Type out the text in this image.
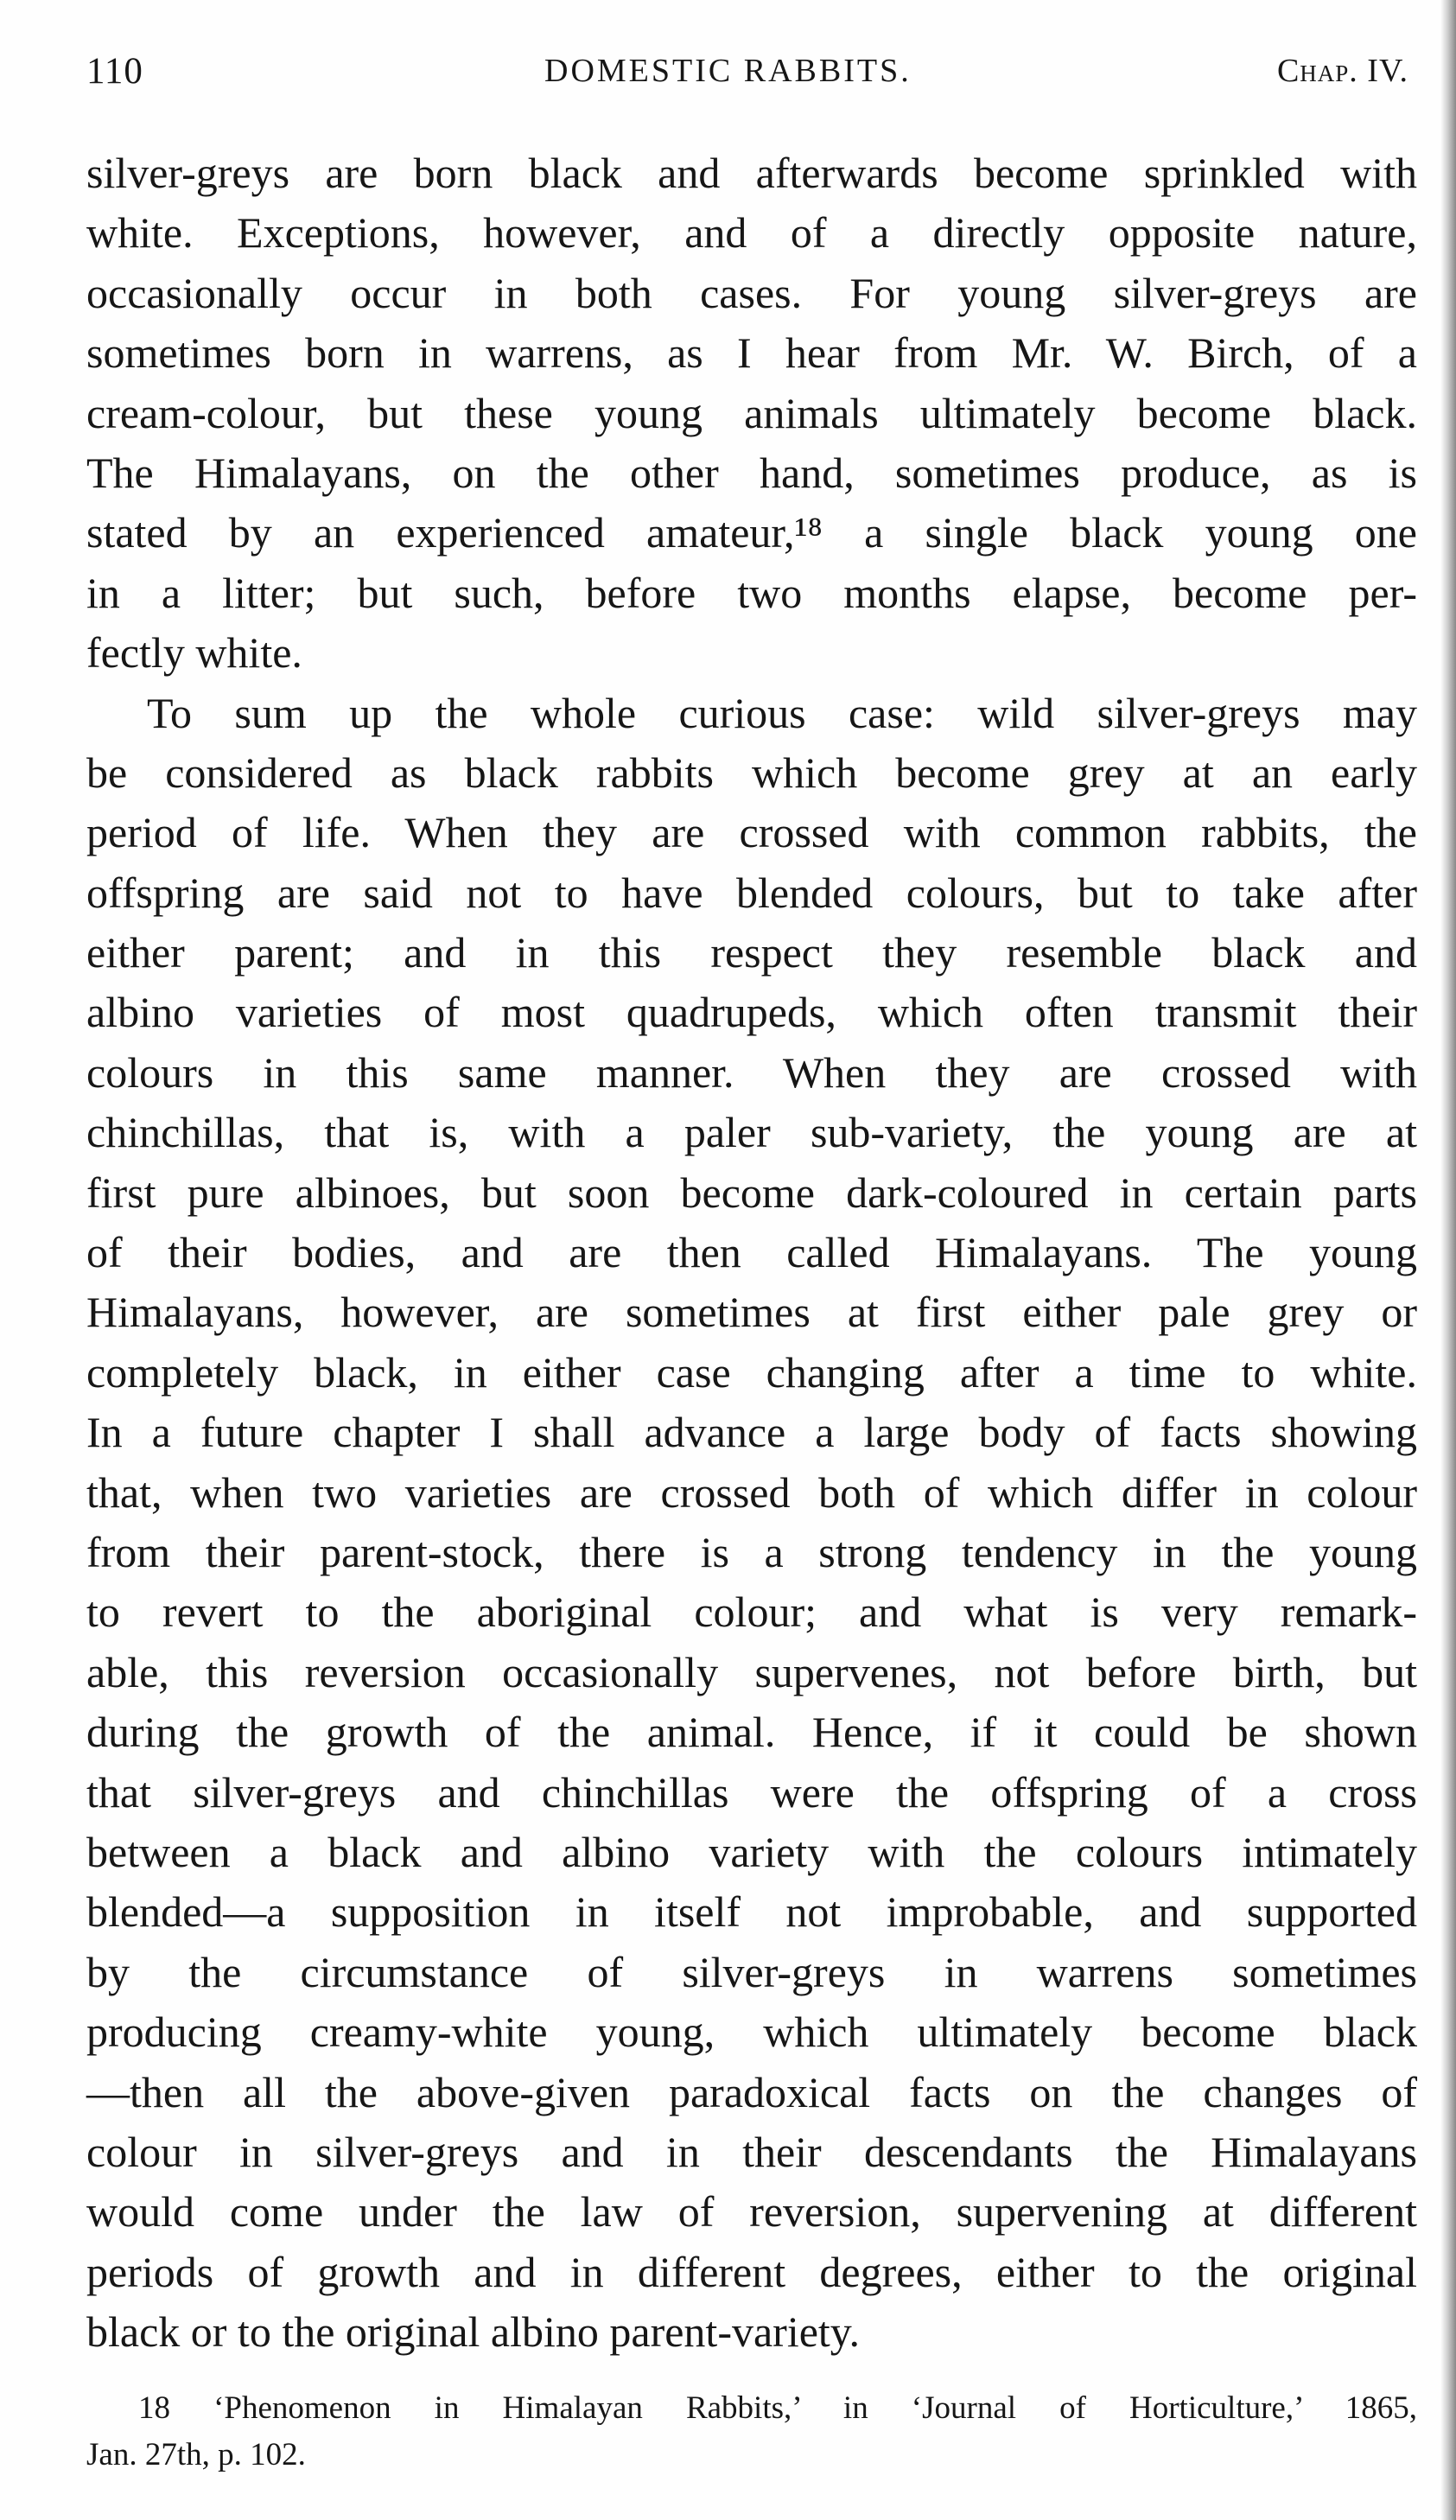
110	DOMESTIC RABBITS.	Chap. IV.
silver-greys are born black and afterwards become sprinkled with
white. Exceptions, however, and of a directly opposite nature,
occasionally occur in both cases. For young silver-greys are
sometimes born in warrens, as I hear from Mr. W. Birch, of a
cream-colour, but these young animals ultimately become black.
The Himalayans, on the other hand, sometimes produce, as is
stated by an experienced amateur,¹⁸ a single black young one
in a litter; but such, before two months elapse, become per-
fectly white.
To sum up the whole curious case: wild silver-greys may
be considered as black rabbits which become grey at an early
period of life. When they are crossed with common rabbits, the
offspring are said not to have blended colours, but to take after
either parent; and in this respect they resemble black and
albino varieties of most quadrupeds, which often transmit their
colours in this same manner. When they are crossed with
chinchillas, that is, with a paler sub-variety, the young are at
first pure albinoes, but soon become dark-coloured in certain parts
of their bodies, and are then called Himalayans. The young
Himalayans, however, are sometimes at first either pale grey or
completely black, in either case changing after a time to white.
In a future chapter I shall advance a large body of facts showing
that, when two varieties are crossed both of which differ in colour
from their parent-stock, there is a strong tendency in the young
to revert to the aboriginal colour; and what is very remark-
able, this reversion occasionally supervenes, not before birth, but
during the growth of the animal. Hence, if it could be shown
that silver-greys and chinchillas were the offspring of a cross
between a black and albino variety with the colours intimately
blended—a supposition in itself not improbable, and supported
by the circumstance of silver-greys in warrens sometimes
producing creamy-white young, which ultimately become black
—then all the above-given paradoxical facts on the changes of
colour in silver-greys and in their descendants the Himalayans
would come under the law of reversion, supervening at different
periods of growth and in different degrees, either to the original
black or to the original albino parent-variety.
18 ‘Phenomenon in Himalayan Rabbits,’ in ‘Journal of Horticulture,’ 1865,
Jan. 27th, p. 102.
